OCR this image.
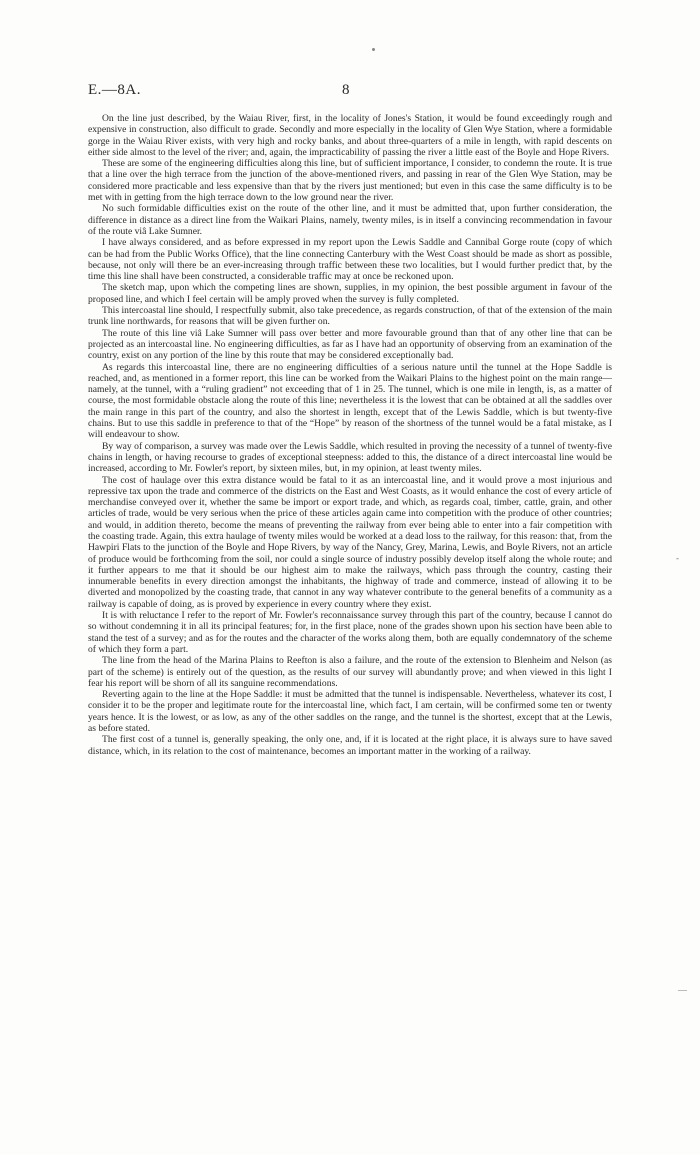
E.—8A.	8

On the line just described, by the Waiau River, first, in the locality of Jones's Station, it would be found exceedingly rough and expensive in construction, also difficult to grade. Secondly and more especially in the locality of Glen Wye Station, where a formidable gorge in the Waiau River exists, with very high and rocky banks, and about three-quarters of a mile in length, with rapid descents on either side almost to the level of the river; and, again, the impracticability of passing the river a little east of the Boyle and Hope Rivers.

These are some of the engineering difficulties along this line, but of sufficient importance, I consider, to condemn the route. It is true that a line over the high terrace from the junction of the above-mentioned rivers, and passing in rear of the Glen Wye Station, may be considered more practicable and less expensive than that by the rivers just mentioned; but even in this case the same difficulty is to be met with in getting from the high terrace down to the low ground near the river.

No such formidable difficulties exist on the route of the other line, and it must be admitted that, upon further consideration, the difference in distance as a direct line from the Waikari Plains, namely, twenty miles, is in itself a convincing recommendation in favour of the route viâ Lake Sumner.

I have always considered, and as before expressed in my report upon the Lewis Saddle and Cannibal Gorge route (copy of which can be had from the Public Works Office), that the line connecting Canterbury with the West Coast should be made as short as possible, because, not only will there be an ever-increasing through traffic between these two localities, but I would further predict that, by the time this line shall have been constructed, a considerable traffic may at once be reckoned upon.

The sketch map, upon which the competing lines are shown, supplies, in my opinion, the best possible argument in favour of the proposed line, and which I feel certain will be amply proved when the survey is fully completed.

This intercoastal line should, I respectfully submit, also take precedence, as regards construction, of that of the extension of the main trunk line northwards, for reasons that will be given further on.

The route of this line viâ Lake Sumner will pass over better and more favourable ground than that of any other line that can be projected as an intercoastal line. No engineering difficulties, as far as I have had an opportunity of observing from an examination of the country, exist on any portion of the line by this route that may be considered exceptionally bad.

As regards this intercoastal line, there are no engineering difficulties of a serious nature until the tunnel at the Hope Saddle is reached, and, as mentioned in a former report, this line can be worked from the Waikari Plains to the highest point on the main range—namely, at the tunnel, with a “ruling gradient” not exceeding that of 1 in 25. The tunnel, which is one mile in length, is, as a matter of course, the most formidable obstacle along the route of this line; nevertheless it is the lowest that can be obtained at all the saddles over the main range in this part of the country, and also the shortest in length, except that of the Lewis Saddle, which is but twenty-five chains. But to use this saddle in preference to that of the “Hope” by reason of the shortness of the tunnel would be a fatal mistake, as I will endeavour to show.

By way of comparison, a survey was made over the Lewis Saddle, which resulted in proving the necessity of a tunnel of twenty-five chains in length, or having recourse to grades of exceptional steepness: added to this, the distance of a direct intercoastal line would be increased, according to Mr. Fowler's report, by sixteen miles, but, in my opinion, at least twenty miles.

The cost of haulage over this extra distance would be fatal to it as an intercoastal line, and it would prove a most injurious and repressive tax upon the trade and commerce of the districts on the East and West Coasts, as it would enhance the cost of every article of merchandise conveyed over it, whether the same be import or export trade, and which, as regards coal, timber, cattle, grain, and other articles of trade, would be very serious when the price of these articles again came into competition with the produce of other countries; and would, in addition thereto, become the means of preventing the railway from ever being able to enter into a fair competition with the coasting trade. Again, this extra haulage of twenty miles would be worked at a dead loss to the railway, for this reason: that, from the Hawpiri Flats to the junction of the Boyle and Hope Rivers, by way of the Nancy, Grey, Marina, Lewis, and Boyle Rivers, not an article of produce would be forthcoming from the soil, nor could a single source of industry possibly develop itself along the whole route; and it further appears to me that it should be our highest aim to make the railways, which pass through the country, casting their innumerable benefits in every direction amongst the inhabitants, the highway of trade and commerce, instead of allowing it to be diverted and monopolized by the coasting trade, that cannot in any way whatever contribute to the general benefits of a community as a railway is capable of doing, as is proved by experience in every country where they exist.

It is with reluctance I refer to the report of Mr. Fowler's reconnaissance survey through this part of the country, because I cannot do so without condemning it in all its principal features; for, in the first place, none of the grades shown upon his section have been able to stand the test of a survey; and as for the routes and the character of the works along them, both are equally condemnatory of the scheme of which they form a part.

The line from the head of the Marina Plains to Reefton is also a failure, and the route of the extension to Blenheim and Nelson (as part of the scheme) is entirely out of the question, as the results of our survey will abundantly prove; and when viewed in this light I fear his report will be shorn of all its sanguine recommendations.

Reverting again to the line at the Hope Saddle: it must be admitted that the tunnel is indispensable. Nevertheless, whatever its cost, I consider it to be the proper and legitimate route for the intercoastal line, which fact, I am certain, will be confirmed some ten or twenty years hence. It is the lowest, or as low, as any of the other saddles on the range, and the tunnel is the shortest, except that at the Lewis, as before stated.

The first cost of a tunnel is, generally speaking, the only one, and, if it is located at the right place, it is always sure to have saved distance, which, in its relation to the cost of maintenance, becomes an important matter in the working of a railway.

-
—
